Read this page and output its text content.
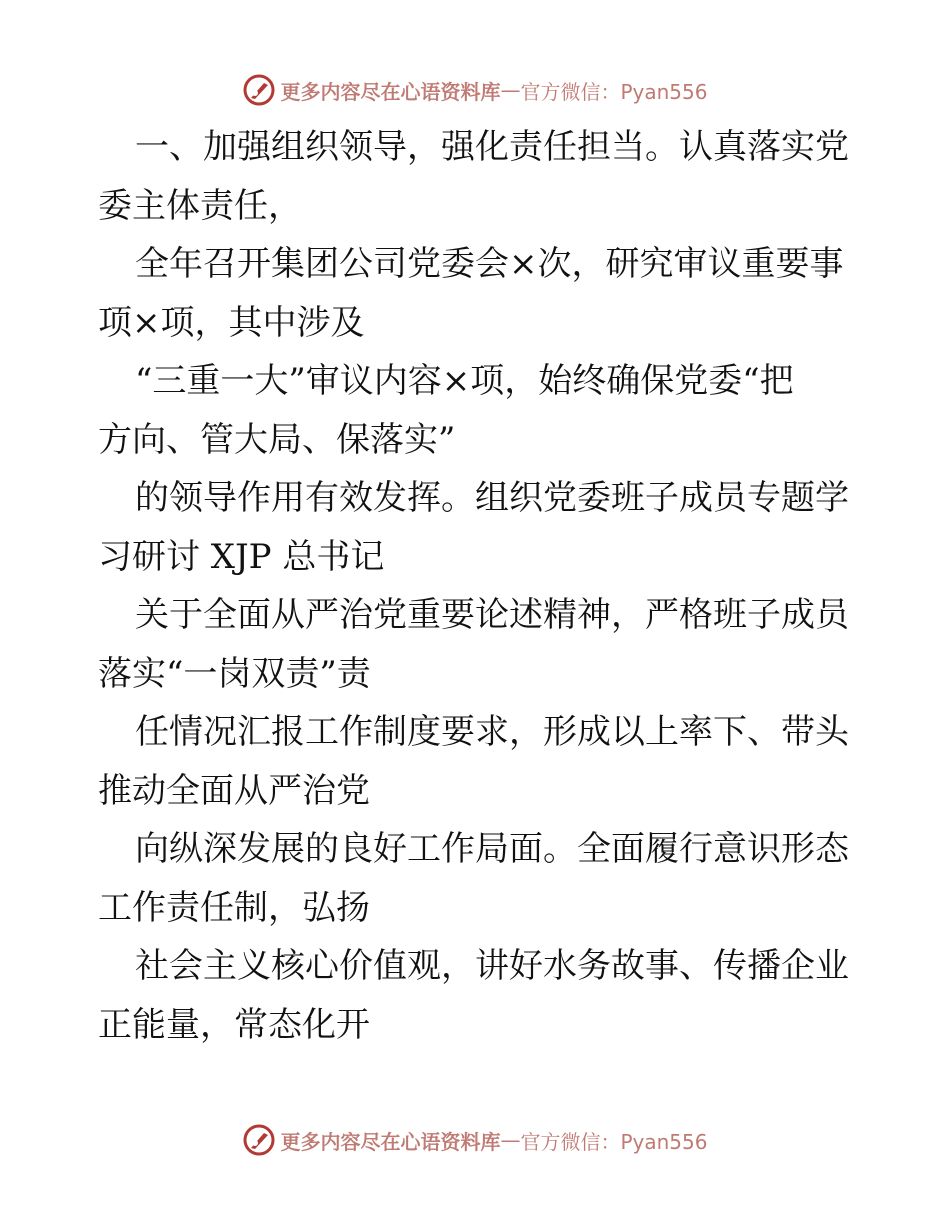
更多内容尽在心语资料库 — 官方微信：Pyan556
一、加强组织领导，强化责任担当。认真落实党
委主体责任，
全年召开集团公司党委会×次，研究审议重要事
项×项，其中涉及
“三重一大”审议内容×项，始终确保党委“把
方向、管大局、保落实”
的领导作用有效发挥。组织党委班子成员专题学
习研讨 XJP 总书记
关于全面从严治党重要论述精神，严格班子成员
落实“一岗双责”责
任情况汇报工作制度要求，形成以上率下、带头
推动全面从严治党
向纵深发展的良好工作局面。全面履行意识形态
工作责任制，弘扬
社会主义核心价值观，讲好水务故事、传播企业
正能量，常态化开
更多内容尽在心语资料库 — 官方微信：Pyan556
